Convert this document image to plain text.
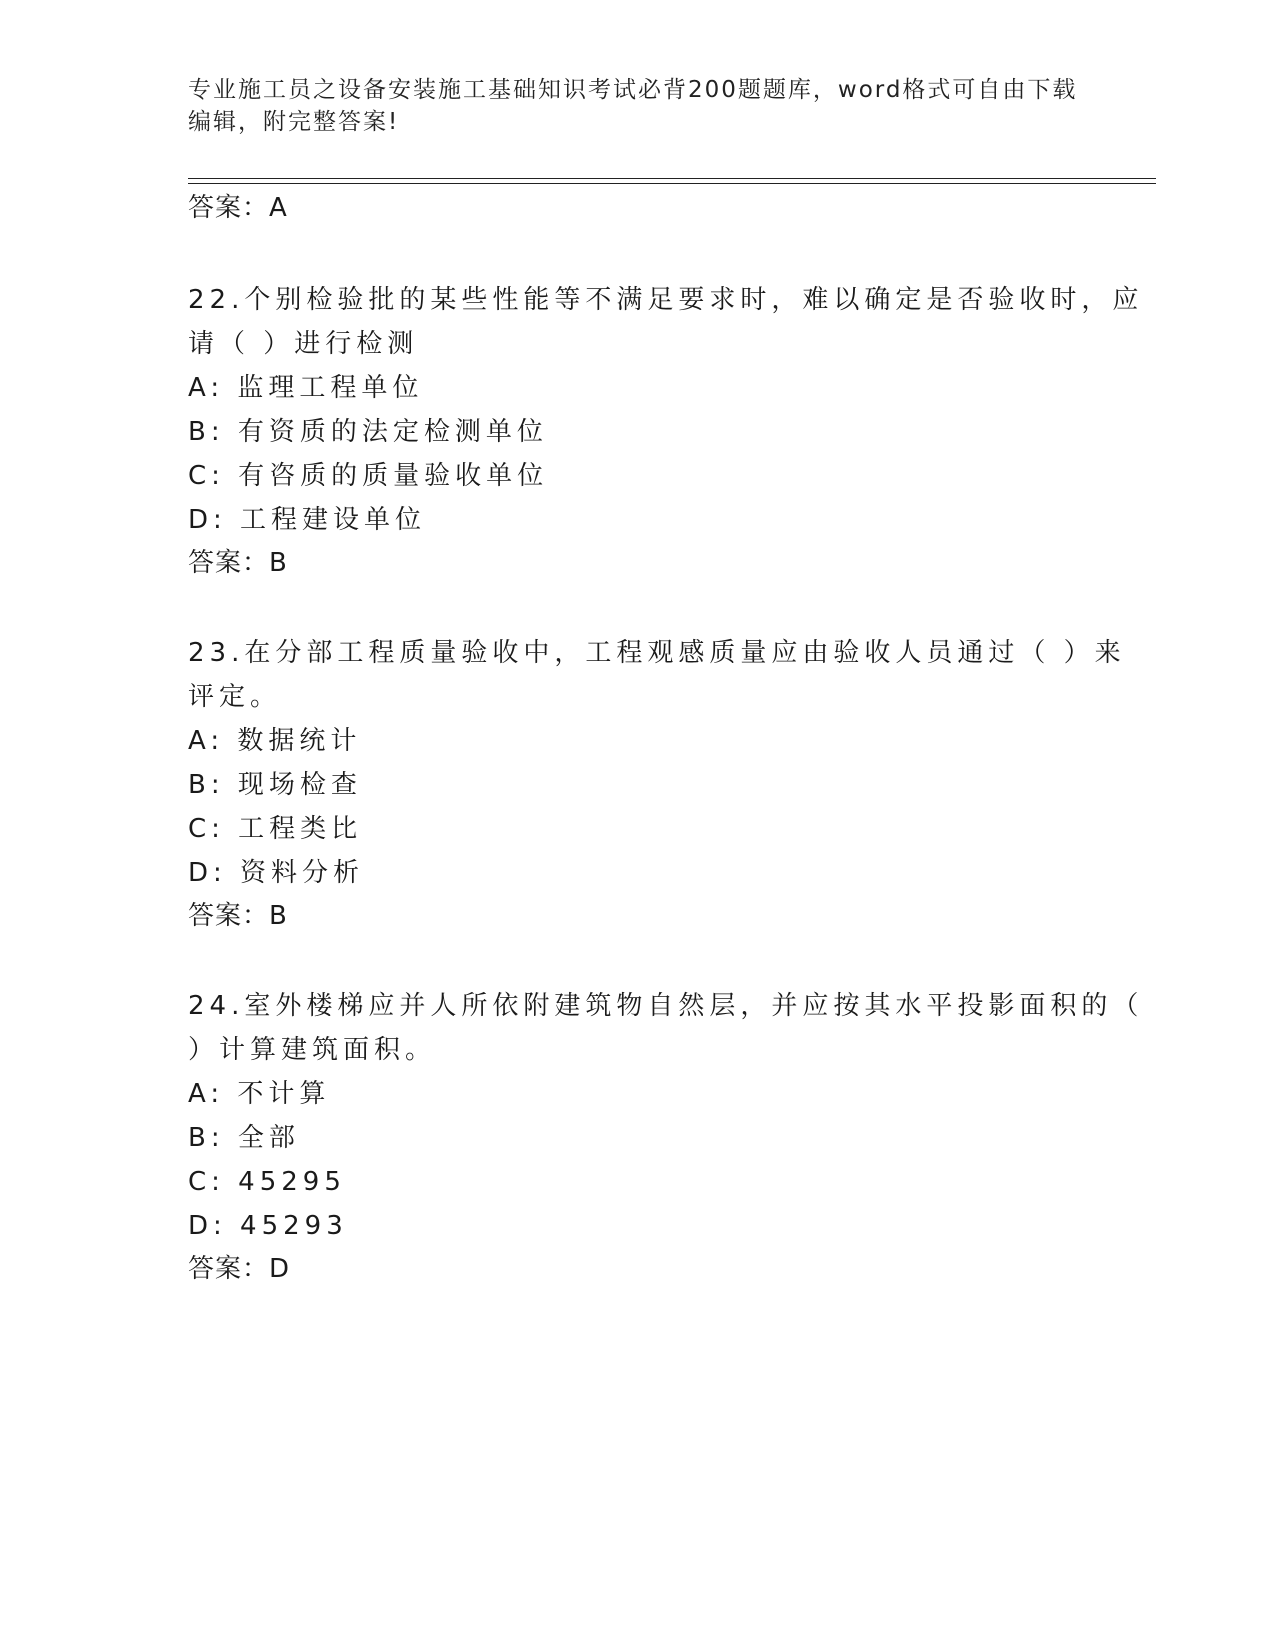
专业施工员之设备安装施工基础知识考试必背200题题库，word格式可自由下载
编辑，附完整答案!
答案：A
22.个别检验批的某些性能等不满足要求时，难以确定是否验收时，应
请（ ）进行检测
A: 监理工程单位
B: 有资质的法定检测单位
C: 有咨质的质量验收单位
D: 工程建设单位
答案：B
23.在分部工程质量验收中，工程观感质量应由验收人员通过（ ）来
评定。
A: 数据统计
B: 现场检查
C: 工程类比
D: 资料分析
答案：B
24.室外楼梯应并人所依附建筑物自然层，并应按其水平投影面积的（
）计算建筑面积。
A: 不计算
B: 全部
C: 45295
D: 45293
答案：D
